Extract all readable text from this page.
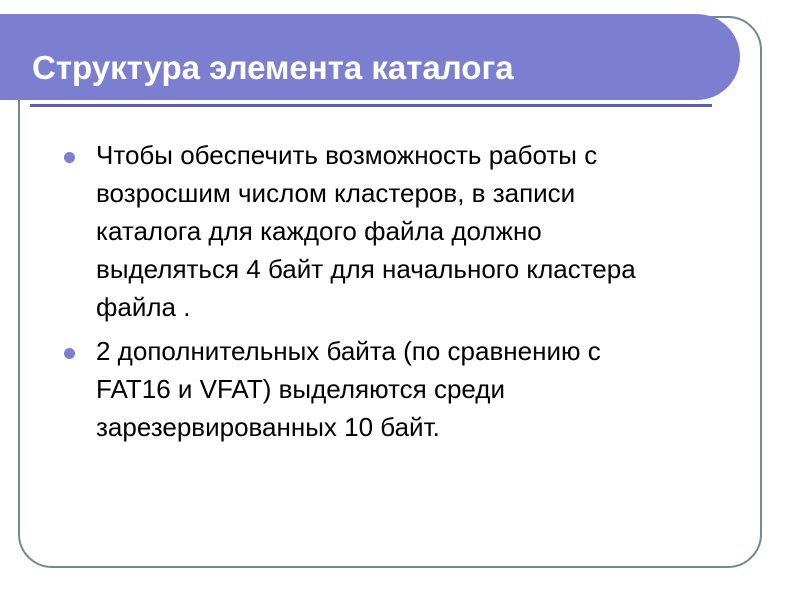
Структура элемента каталога
Чтобы обеспечить возможность работы с возросшим числом кластеров, в записи каталога для каждого файла должно выделяться 4 байт для начального кластера файла .
2 дополнительных байта (по сравнению с FAT16 и VFAT) выделяются среди зарезервированных 10 байт.
